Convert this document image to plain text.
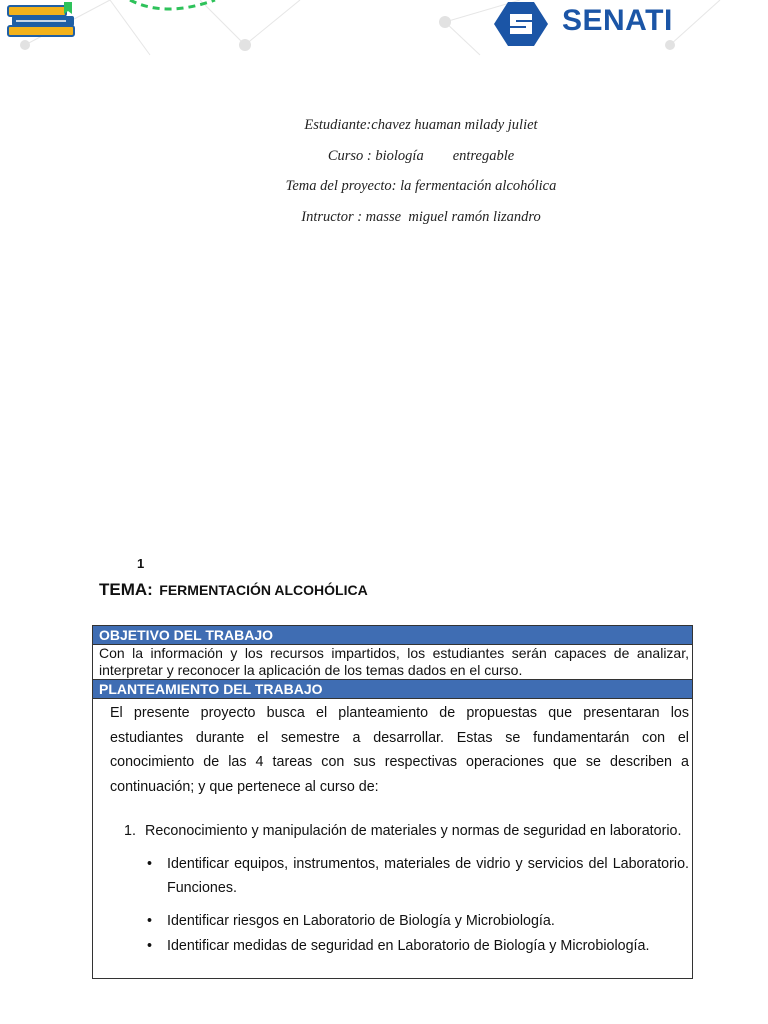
SENATI
Estudiante:chavez huaman milady juliet
Curso : biología        entregable
Tema del proyecto: la fermentación alcohólica
Intructor : masse  miguel ramón lizandro
1
TEMA: FERMENTACIÓN ALCOHÓLICA
OBJETIVO DEL TRABAJO
Con la información y los recursos impartidos, los estudiantes serán capaces de analizar, interpretar y reconocer la aplicación de los temas dados en el curso.
PLANTEAMIENTO DEL TRABAJO

El presente proyecto busca el planteamiento de propuestas que presentaran los estudiantes durante el semestre a desarrollar. Estas se fundamentarán con el conocimiento de las 4 tareas con sus respectivas operaciones que se describen a continuación; y que pertenece al curso de:

1. Reconocimiento y manipulación de materiales y normas de seguridad en laboratorio.
•	Identificar equipos, instrumentos, materiales de vidrio y servicios del Laboratorio. Funciones.
•	Identificar riesgos en Laboratorio de Biología y Microbiología.
•	Identificar medidas de seguridad en Laboratorio de Biología y Microbiología.
